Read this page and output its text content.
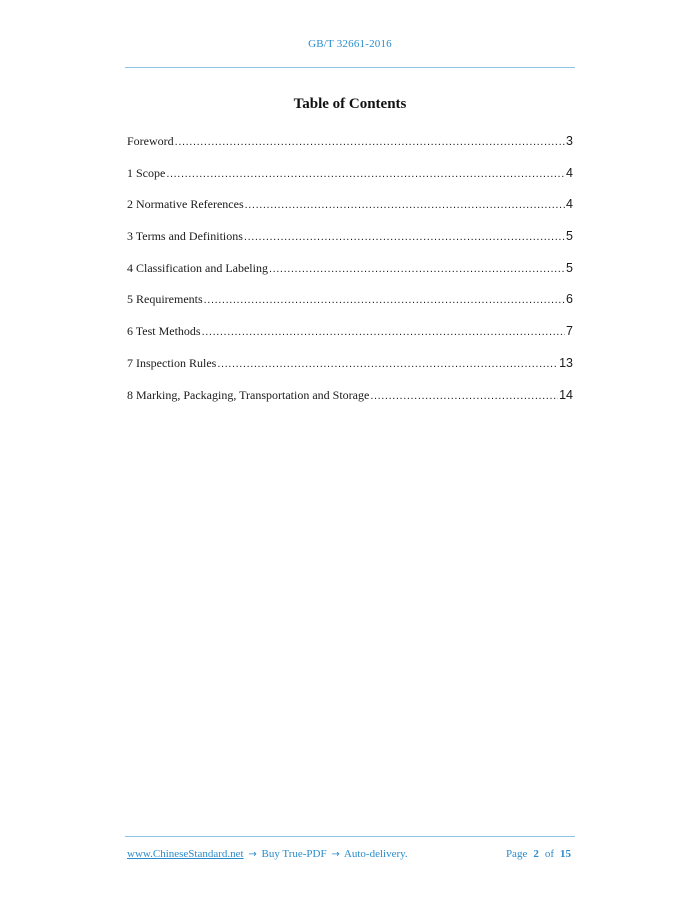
GB/T 32661-2016
Table of Contents
Foreword .....	3
1 Scope .....	4
2 Normative References .....	4
3 Terms and Definitions .....	5
4 Classification and Labeling .....	5
5 Requirements .....	6
6 Test Methods .....	7
7 Inspection Rules .....	13
8 Marking, Packaging, Transportation and Storage .....	14
www.ChineseStandard.net → Buy True-PDF → Auto-delivery.	Page 2 of 15
